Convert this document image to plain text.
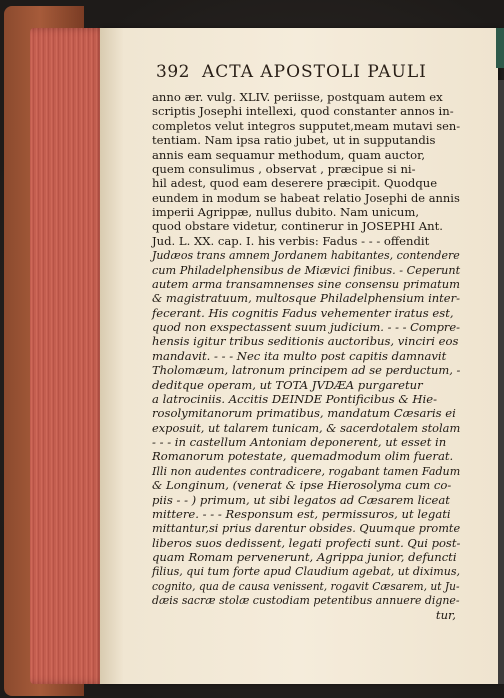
392 ACTA APOSTOLI PAULI
anno ær. vulg. XLIV. periisse, postquam autem ex
scriptis Josephi intellexi, quod constanter annos in-
completos velut integros supputet,meam mutavi sen-
tentiam. Nam ipsa ratio jubet, ut in supputandis
annis eam sequamur methodum, quam auctor,
quem consulimus , observat , præcipue si ni-
hil adest, quod eam deserere præcipit. Quodque
eundem in modum se habeat relatio Josephi de annis
imperii Agrippæ, nullus dubito. Nam unicum,
quod obstare videtur, continerur in JOSEPHI Ant.
Jud. L. XX. cap. I. his verbis: Fadus - - - offendit
Judæos trans amnem Jordanem habitantes, contendere
cum Philadelphensibus de Miævici finibus. - Ceperunt
autem arma transamnenses sine consensu primatum
& magistratuum, multosque Philadelphensium inter-
fecerant. His cognitis Fadus vehementer iratus est,
quod non exspectassent suum judicium. - - - Compre-
hensis igitur tribus seditionis auctoribus, vinciri eos
mandavit. - - - Nec ita multo post capitis damnavit
Tholomæum, latronum principem ad se perductum, -
deditque operam, ut TOTA JVDÆA purgaretur
a latrociniis. Accitis DEINDE Pontificibus & Hie-
rosolymitanorum primatibus, mandatum Cæsaris ei
exposuit, ut talarem tunicam, & sacerdotalem stolam
- - - in castellum Antoniam deponerent, ut esset in
Romanorum potestate, quemadmodum olim fuerat.
Illi non audentes contradicere, rogabant tamen Fadum
& Longinum, (venerat & ipse Hierosolyma cum co-
piis - - ) primum, ut sibi legatos ad Cæsarem liceat
mittere. - - - Responsum est, permissuros, ut legati
mittantur,si prius darentur obsides. Quumque promte
liberos suos dedissent, legati profecti sunt. Qui post-
quam Romam pervenerunt, Agrippa junior, defuncti
filius, qui tum forte apud Claudium agebat, ut diximus,
cognito, qua de causa venissent, rogavit Cæsarem, ut Ju-
dæis sacræ stolæ custodiam petentibus annuere digne-
tur,
